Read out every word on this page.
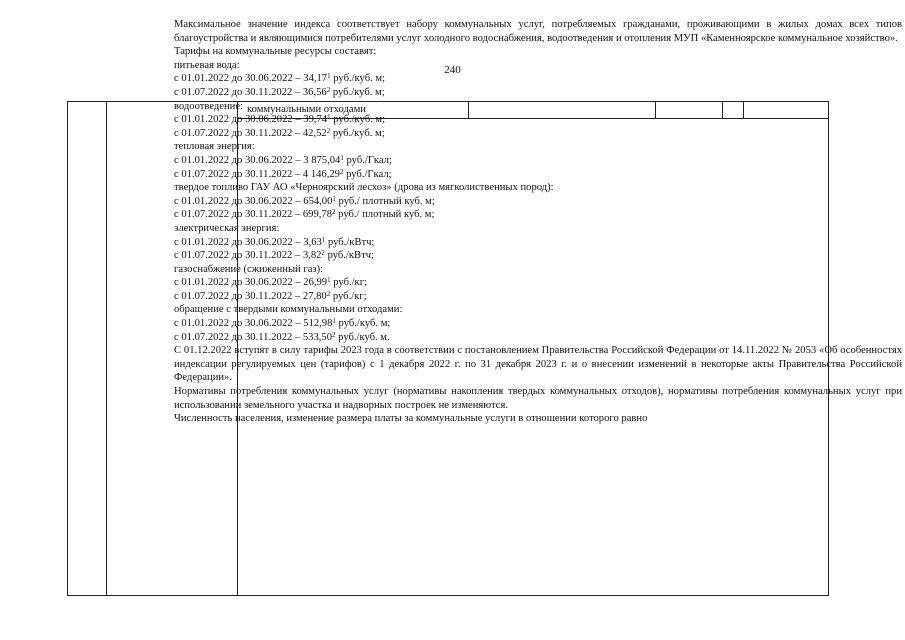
240
коммунальными отходами

Максимальное значение индекса соответствует набору коммунальных услуг, потребляемых гражданами, проживающими в жилых домах всех типов благоустройства и являющимися потребителями услуг холодного водоснабжения, водоотведения и отопления МУП «Каменноярское коммунальное хозяйство».

Тарифы на коммунальные ресурсы составят:

питьевая вода:

с 01.01.2022 до 30.06.2022 – 34,17$^1$ руб./куб. м;

с 01.07.2022 до 30.11.2022 – 36,56$^2$ руб./куб. м;

водоотведение:

с 01.01.2022 до 30.06.2022 – 39,74$^1$ руб./куб. м;

с 01.07.2022 до 30.11.2022 – 42,52$^2$ руб./куб. м;

тепловая энергия:

с 01.01.2022 до 30.06.2022 – 3 875,04$^1$ руб./Гкал;

с 01.07.2022 до 30.11.2022 – 4 146,29$^2$ руб./Гкал;

твердое топливо ГАУ АО «Черноярский лесхоз» (дрова из мягколиственных пород):

с 01.01.2022 до 30.06.2022 – 654,00$^1$ руб./ плотный куб. м;

с 01.07.2022 до 30.11.2022 – 699,78$^2$ руб./ плотный куб. м;

электрическая энергия:

с 01.01.2022 до 30.06.2022 – 3,63$^1$ руб./кВтч;

с 01.07.2022 до 30.11.2022 – 3,82$^2$ руб./кВтч;

газоснабжение (сжиженный газ):

с 01.01.2022 до 30.06.2022 – 26,99$^1$ руб./кг;

с 01.07.2022 до 30.11.2022 – 27,80$^2$ руб./кг;

обращение с твердыми коммунальными отходами:

с 01.01.2022 до 30.06.2022 – 512,98$^1$ руб./куб. м;

с 01.07.2022 до 30.11.2022 – 533,50$^2$ руб./куб. м.

С 01.12.2022 вступят в силу тарифы 2023 года в соответствии с постановлением Правительства Российской Федерации от 14.11.2022 № 2053 «Об особенностях индексации регулируемых цен (тарифов) с 1 декабря 2022 г. по 31 декабря 2023 г. и о внесении изменений в некоторые акты Правительства Российской Федерации».

Нормативы потребления коммунальных услуг (нормативы накопления твердых коммунальных отходов), нормативы потребления коммунальных услуг при использовании земельного участка и надворных построек не изменяются.

Численность населения, изменение размера платы за коммунальные услуги в отношении которого равно
